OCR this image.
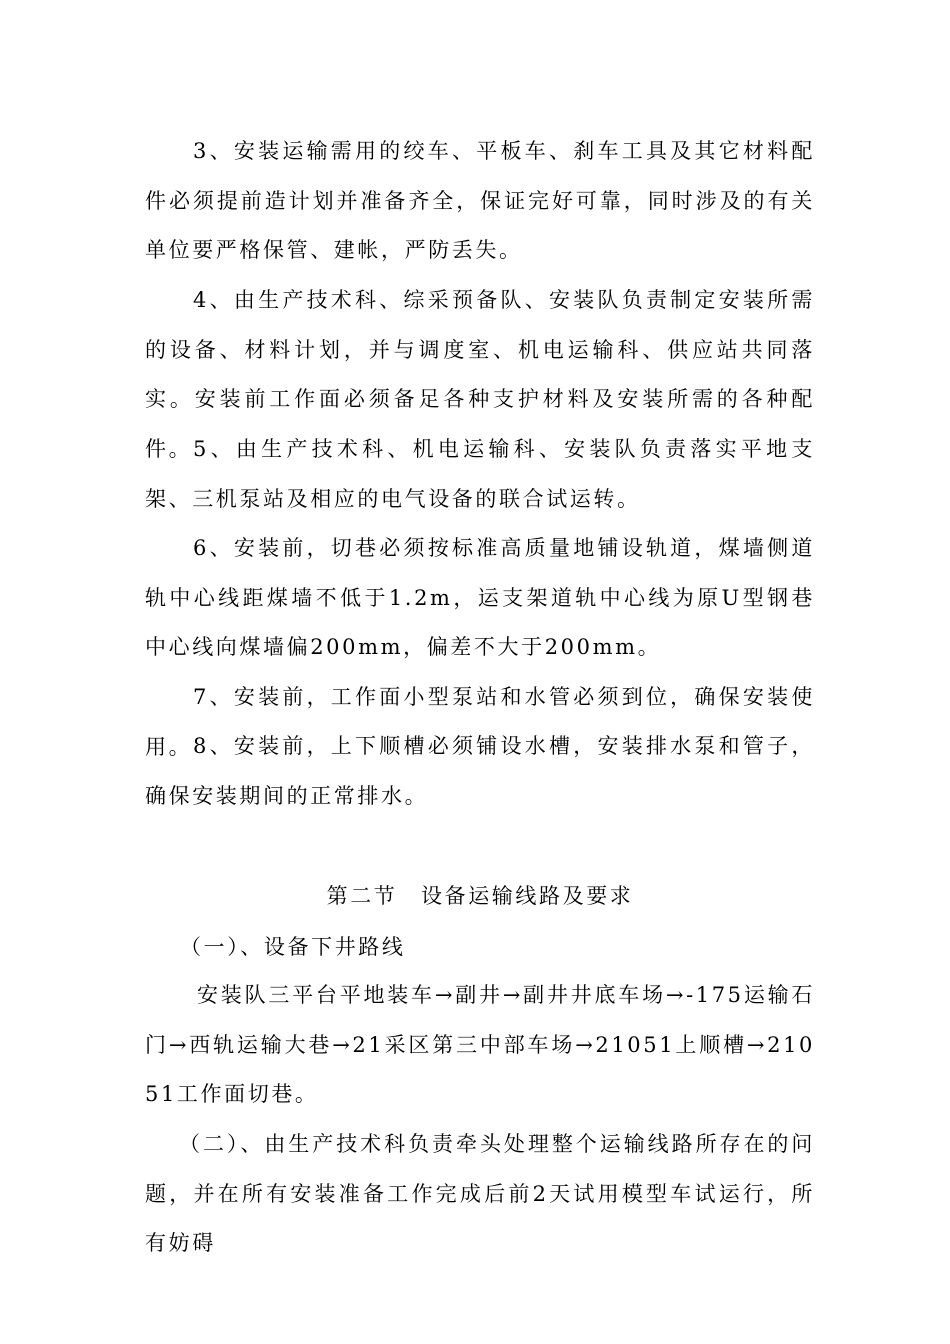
3、安装运输需用的绞车、平板车、刹车工具及其它材料配件必须提前造计划并准备齐全，保证完好可靠，同时涉及的有关单位要严格保管、建帐，严防丢失。

4、由生产技术科、综采预备队、安装队负责制定安装所需的设备、材料计划，并与调度室、机电运输科、供应站共同落实。安装前工作面必须备足各种支护材料及安装所需的各种配件。 5、由生产技术科、机电运输科、安装队负责落实平地支架、三机泵站及相应的电气设备的联合试运转。

6、安装前，切巷必须按标准高质量地铺设轨道，煤墙侧道轨中心线距煤墙不低于1.2m，运支架道轨中心线为原U型钢巷中心线向煤墙偏200mm，偏差不大于200mm。

7、安装前，工作面小型泵站和水管必须到位，确保安装使用。 8、安装前，上下顺槽必须铺设水槽，安装排水泵和管子，确保安装期间的正常排水。

第二节　设备运输线路及要求

（一）、设备下井路线

安装队三平台平地装车→副井→副井井底车场→-175运输石门→西轨运输大巷→21采区第三中部车场→21051上顺槽→21051工作面切巷。

（二）、由生产技术科负责牵头处理整个运输线路所存在的问题，并在所有安装准备工作完成后前2天试用模型车试运行，所有妨碍
